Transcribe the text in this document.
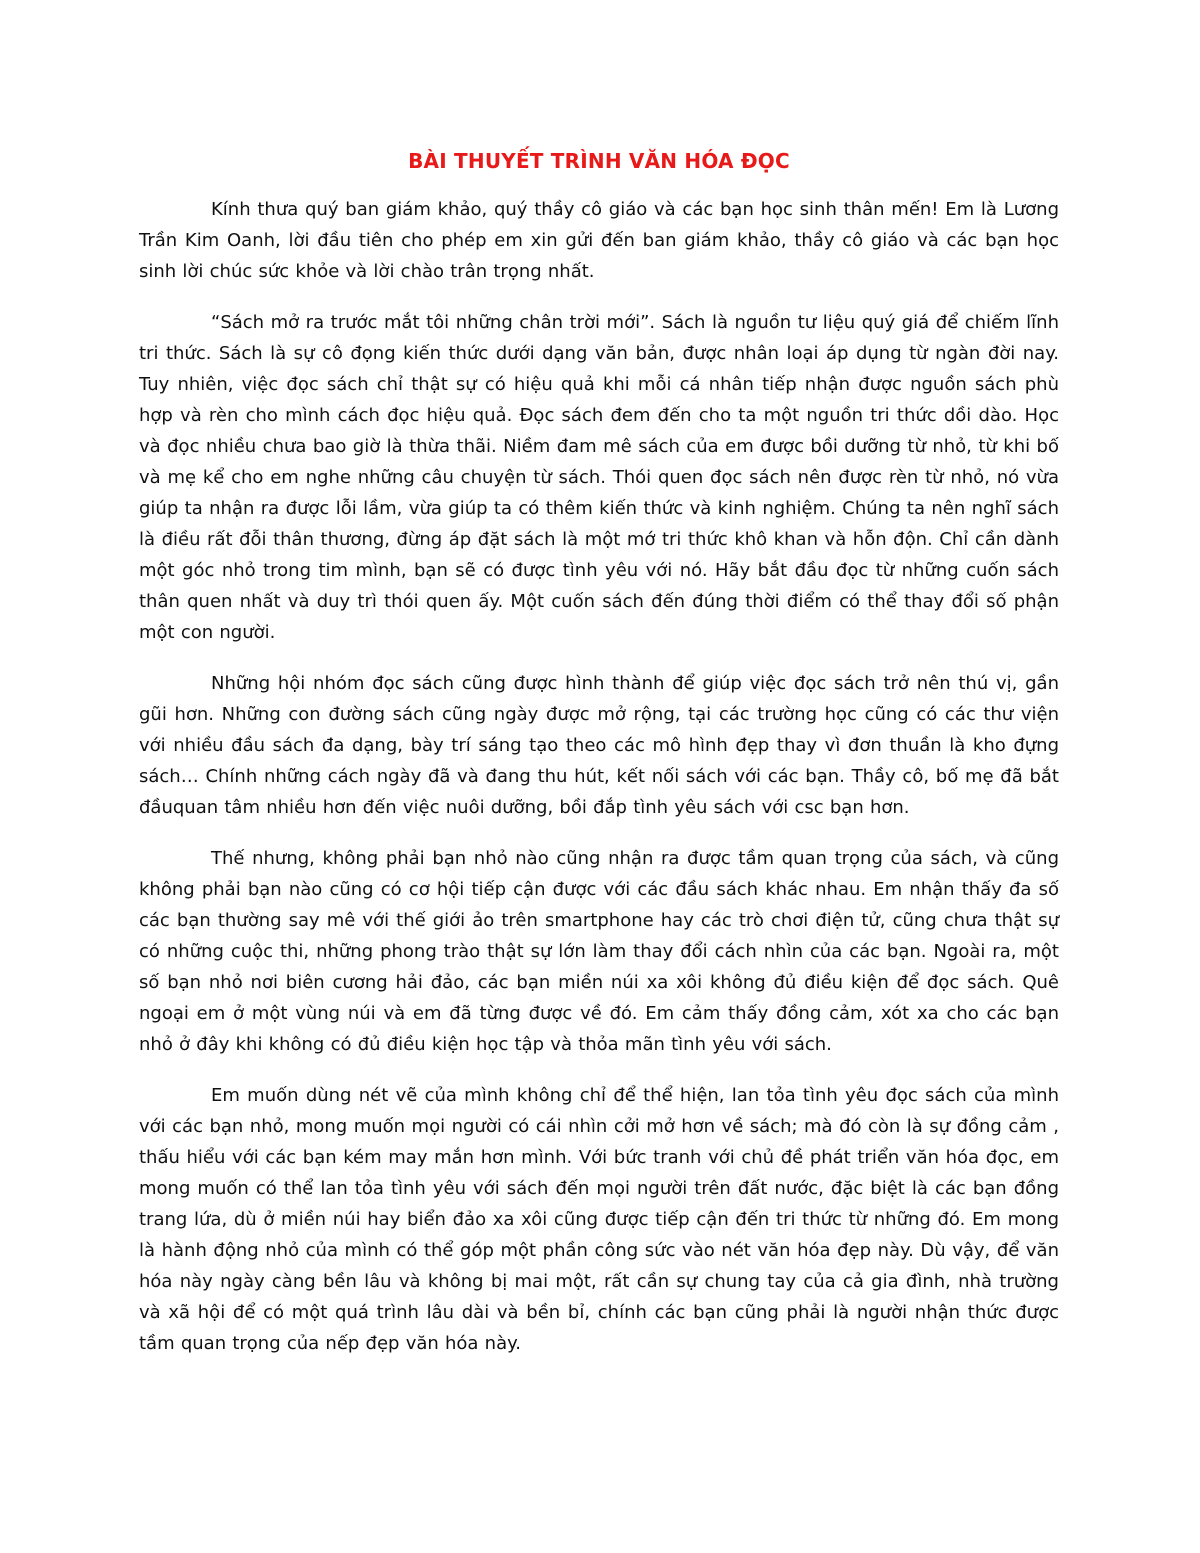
BÀI THUYẾT TRÌNH VĂN HÓA ĐỌC

Kính thưa quý ban giám khảo, quý thầy cô giáo và các bạn học sinh thân mến! Em là Lương Trần Kim Oanh, lời đầu tiên cho phép em xin gửi đến ban giám khảo, thầy cô giáo và các bạn học sinh lời chúc sức khỏe và lời chào trân trọng nhất.

“Sách mở ra trước mắt tôi những chân trời mới”. Sách là nguồn tư liệu quý giá để chiếm lĩnh tri thức. Sách là sự cô đọng kiến thức dưới dạng văn bản, được nhân loại áp dụng từ ngàn đời nay. Tuy nhiên, việc đọc sách chỉ thật sự có hiệu quả khi mỗi cá nhân tiếp nhận được nguồn sách phù hợp và rèn cho mình cách đọc hiệu quả. Đọc sách đem đến cho ta một nguồn tri thức dồi dào. Học và đọc nhiều chưa bao giờ là thừa thãi. Niềm đam mê sách của em được bồi dưỡng từ nhỏ, từ khi bố và mẹ kể cho em nghe những câu chuyện từ sách. Thói quen đọc sách nên được rèn từ nhỏ, nó vừa giúp ta nhận ra được lỗi lầm, vừa giúp ta có thêm kiến thức và kinh nghiệm. Chúng ta nên nghĩ sách là điều rất đỗi thân thương, đừng áp đặt sách là một mớ tri thức khô khan và hỗn độn. Chỉ cần dành một góc nhỏ trong tim mình, bạn sẽ có được tình yêu với nó. Hãy bắt đầu đọc từ những cuốn sách thân quen nhất và duy trì thói quen ấy. Một cuốn sách đến đúng thời điểm có thể thay đổi số phận một con người.

Những hội nhóm đọc sách cũng được hình thành để giúp việc đọc sách trở nên thú vị, gần gũi hơn. Những con đường sách cũng ngày được mở rộng, tại các trường học cũng có các thư viện với nhiều đầu sách đa dạng, bày trí sáng tạo theo các mô hình đẹp thay vì đơn thuần là kho đựng sách… Chính những cách ngày đã và đang thu hút, kết nối sách với các bạn. Thầy cô, bố mẹ đã bắt đầuquan tâm nhiều hơn đến việc nuôi dưỡng, bồi đắp tình yêu sách với csc bạn hơn.

Thế nhưng, không phải bạn nhỏ nào cũng nhận ra được tầm quan trọng của sách, và cũng không phải bạn nào cũng có cơ hội tiếp cận được với các đầu sách khác nhau. Em nhận thấy đa số các bạn thường say mê với thế giới ảo trên smartphone hay các trò chơi điện tử, cũng chưa thật sự có những cuộc thi, những phong trào thật sự lớn làm thay đổi cách nhìn của các bạn. Ngoài ra, một số bạn nhỏ nơi biên cương hải đảo, các bạn miền núi xa xôi không đủ điều kiện để đọc sách. Quê ngoại em ở một vùng núi và em đã từng được về đó. Em cảm thấy đồng cảm, xót xa cho các bạn nhỏ ở đây khi không có đủ điều kiện học tập và thỏa mãn tình yêu với sách.

Em muốn dùng nét vẽ của mình không chỉ để thể hiện, lan tỏa tình yêu đọc sách của mình với các bạn nhỏ, mong muốn mọi người có cái nhìn cởi mở hơn về sách; mà đó còn là sự đồng cảm , thấu hiểu với các bạn kém may mắn hơn mình. Với bức tranh với chủ đề phát triển văn hóa đọc, em mong muốn có thể lan tỏa tình yêu với sách đến mọi người trên đất nước, đặc biệt là các bạn đồng trang lứa, dù ở miền núi hay biển đảo xa xôi cũng được tiếp cận đến tri thức từ những đó. Em mong là hành động nhỏ của mình có thể góp một phần công sức vào nét văn hóa đẹp này. Dù vậy, để văn hóa này ngày càng bền lâu và không bị mai một, rất cần sự chung tay của cả gia đình, nhà trường và xã hội để có một quá trình lâu dài và bền bỉ, chính các bạn cũng phải là người nhận thức được tầm quan trọng của nếp đẹp văn hóa này.
